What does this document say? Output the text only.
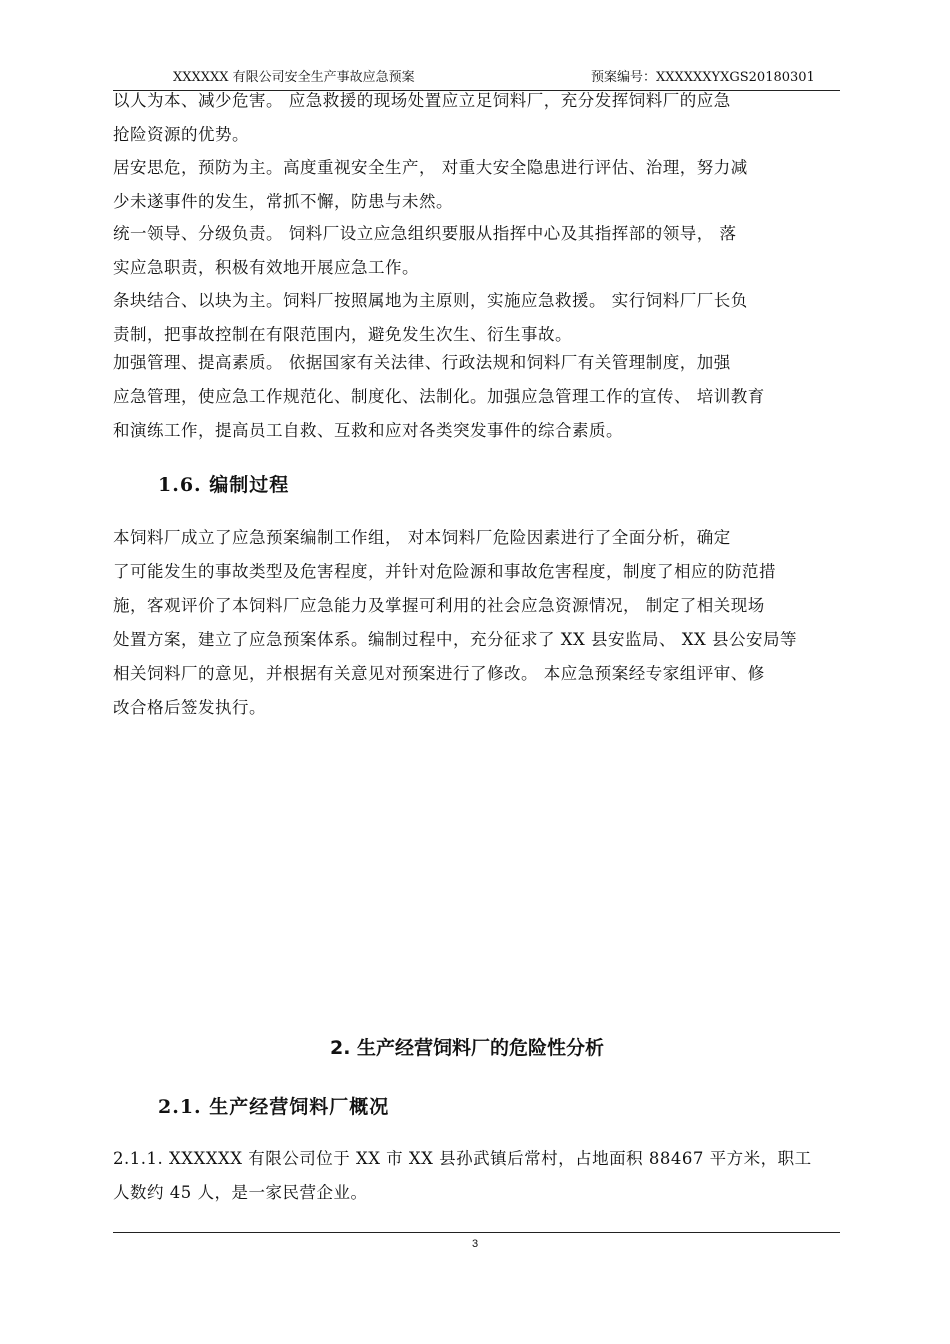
XXXXXX 有限公司安全生产事故应急预案	预案编号：XXXXXXYXGS20180301

以人为本、减少危害。 应急救援的现场处置应立足饲料厂，充分发挥饲料厂的应急
抢险资源的优势。

居安思危，预防为主。高度重视安全生产， 对重大安全隐患进行评估、治理，努力减
少未遂事件的发生，常抓不懈，防患与未然。

统一领导、分级负责。 饲料厂设立应急组织要服从指挥中心及其指挥部的领导， 落
实应急职责，积极有效地开展应急工作。

条块结合、以块为主。饲料厂按照属地为主原则，实施应急救援。 实行饲料厂厂长负
责制，把事故控制在有限范围内，避免发生次生、衍生事故。

加强管理、提高素质。 依据国家有关法律、行政法规和饲料厂有关管理制度，加强
应急管理，使应急工作规范化、制度化、法制化。加强应急管理工作的宣传、 培训教育
和演练工作，提高员工自救、互救和应对各类突发事件的综合素质。

1.6. 编制过程

本饲料厂成立了应急预案编制工作组， 对本饲料厂危险因素进行了全面分析，确定
了可能发生的事故类型及危害程度，并针对危险源和事故危害程度，制度了相应的防范措
施，客观评价了本饲料厂应急能力及掌握可利用的社会应急资源情况， 制定了相关现场
处置方案，建立了应急预案体系。编制过程中，充分征求了 XX 县安监局、 XX 县公安局等
相关饲料厂的意见，并根据有关意见对预案进行了修改。 本应急预案经专家组评审、修
改合格后签发执行。

2. 生产经营饲料厂的危险性分析
2.1. 生产经营饲料厂概况

2.1.1. XXXXXX 有限公司位于 XX 市 XX 县孙武镇后常村，占地面积 88467 平方米，职工
人数约 45 人，是一家民营企业。

3
